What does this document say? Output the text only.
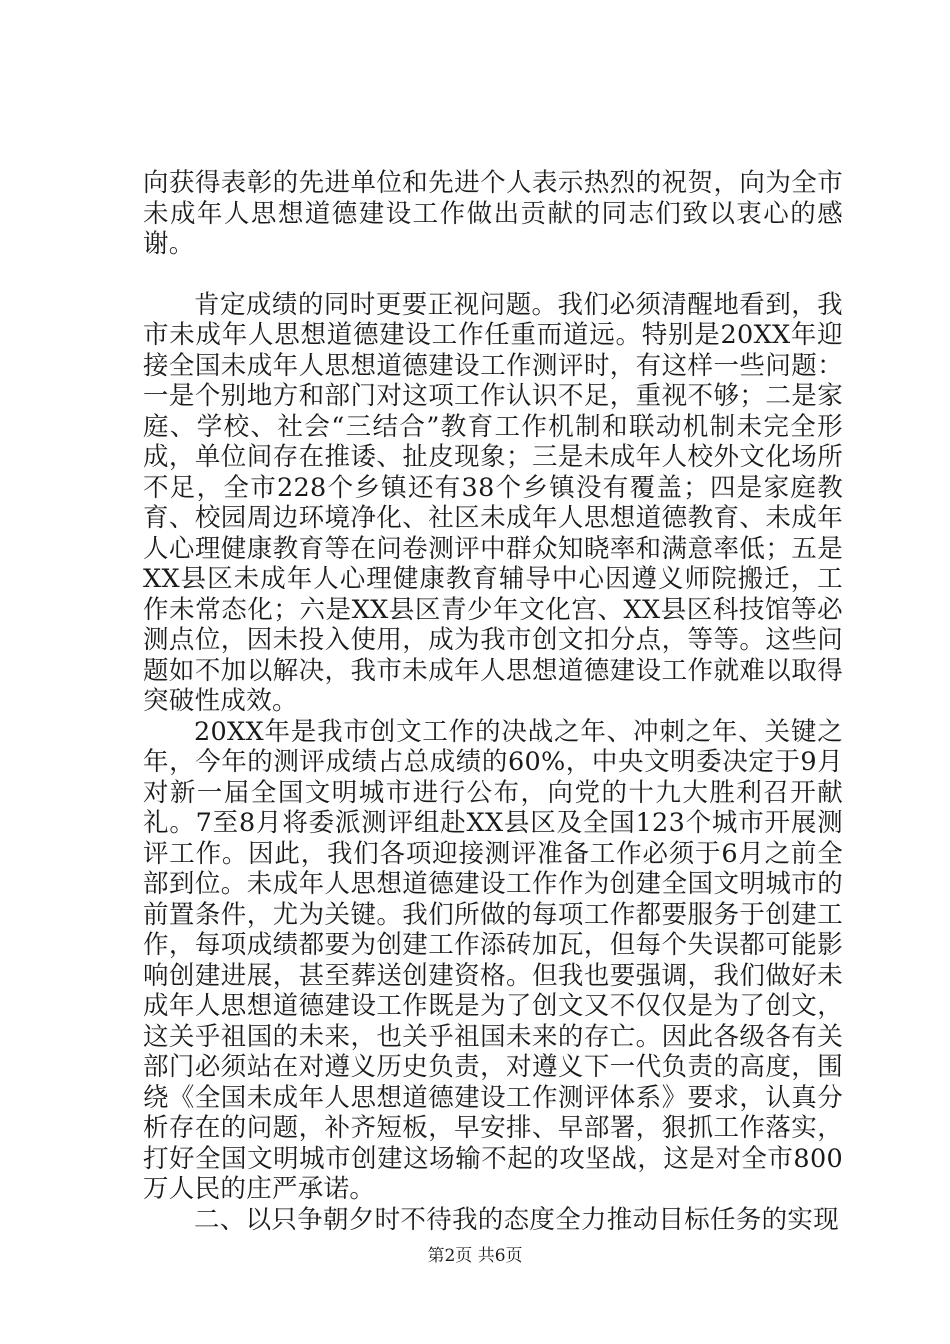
向获得表彰的先进单位和先进个人表示热烈的祝贺，向为全市未成年人思想道德建设工作做出贡献的同志们致以衷心的感谢。

肯定成绩的同时更要正视问题。我们必须清醒地看到，我市未成年人思想道德建设工作任重而道远。特别是20XX年迎接全国未成年人思想道德建设工作测评时，有这样一些问题：一是个别地方和部门对这项工作认识不足，重视不够；二是家庭、学校、社会“三结合”教育工作机制和联动机制未完全形成，单位间存在推诿、扯皮现象；三是未成年人校外文化场所不足，全市228个乡镇还有38个乡镇没有覆盖；四是家庭教育、校园周边环境净化、社区未成年人思想道德教育、未成年人心理健康教育等在问卷测评中群众知晓率和满意率低；五是XX县区未成年人心理健康教育辅导中心因遵义师院搬迁，工作未常态化；六是XX县区青少年文化宫、XX县区科技馆等必测点位，因未投入使用，成为我市创文扣分点，等等。这些问题如不加以解决，我市未成年人思想道德建设工作就难以取得突破性成效。

20XX年是我市创文工作的决战之年、冲刺之年、关键之年，今年的测评成绩占总成绩的60%，中央文明委决定于9月对新一届全国文明城市进行公布，向党的十九大胜利召开献礼。7至8月将委派测评组赴XX县区及全国123个城市开展测评工作。因此，我们各项迎接测评准备工作必须于6月之前全部到位。未成年人思想道德建设工作作为创建全国文明城市的前置条件，尤为关键。我们所做的每项工作都要服务于创建工作，每项成绩都要为创建工作添砖加瓦，但每个失误都可能影响创建进展，甚至葬送创建资格。但我也要强调，我们做好未成年人思想道德建设工作既是为了创文又不仅仅是为了创文，这关乎祖国的未来，也关乎祖国未来的存亡。因此各级各有关部门必须站在对遵义历史负责，对遵义下一代负责的高度，围绕《全国未成年人思想道德建设工作测评体系》要求，认真分析存在的问题，补齐短板，早安排、早部署，狠抓工作落实，打好全国文明城市创建这场输不起的攻坚战，这是对全市800万人民的庄严承诺。

二、以只争朝夕时不待我的态度全力推动目标任务的实现

第2页 共6页
